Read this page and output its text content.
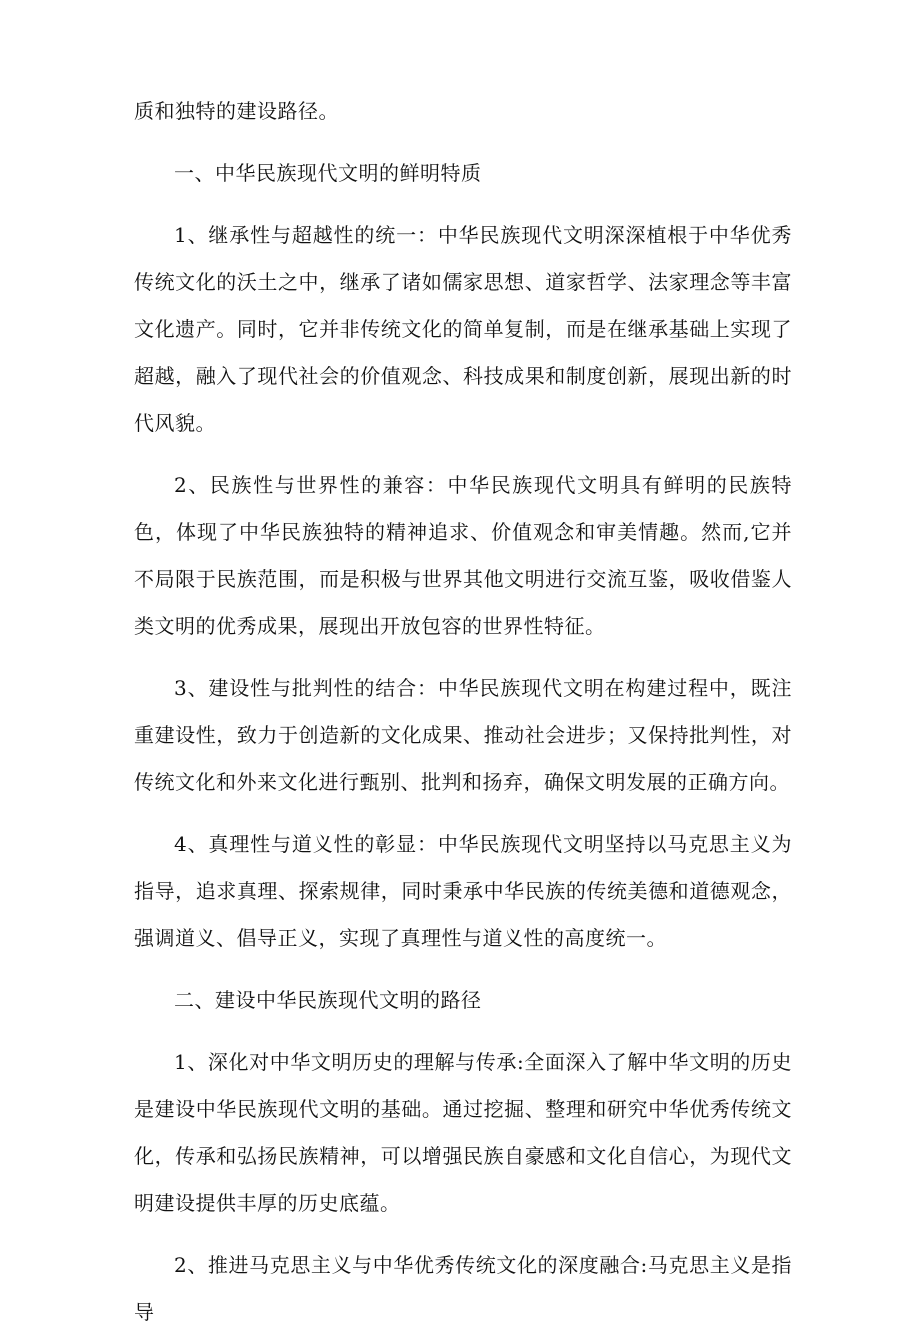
质和独特的建设路径。

一、中华民族现代文明的鲜明特质

1、继承性与超越性的统一：中华民族现代文明深深植根于中华优秀传统文化的沃土之中，继承了诸如儒家思想、道家哲学、法家理念等丰富文化遗产。同时，它并非传统文化的简单复制，而是在继承基础上实现了超越，融入了现代社会的价值观念、科技成果和制度创新，展现出新的时代风貌。

2、民族性与世界性的兼容：中华民族现代文明具有鲜明的民族特色，体现了中华民族独特的精神追求、价值观念和审美情趣。然而,它并不局限于民族范围，而是积极与世界其他文明进行交流互鉴，吸收借鉴人类文明的优秀成果，展现出开放包容的世界性特征。

3、建设性与批判性的结合：中华民族现代文明在构建过程中，既注重建设性，致力于创造新的文化成果、推动社会进步；又保持批判性，对传统文化和外来文化进行甄别、批判和扬弃，确保文明发展的正确方向。

4、真理性与道义性的彰显：中华民族现代文明坚持以马克思主义为指导，追求真理、探索规律，同时秉承中华民族的传统美德和道德观念，强调道义、倡导正义，实现了真理性与道义性的高度统一。

二、建设中华民族现代文明的路径

1、深化对中华文明历史的理解与传承:全面深入了解中华文明的历史是建设中华民族现代文明的基础。通过挖掘、整理和研究中华优秀传统文化，传承和弘扬民族精神，可以增强民族自豪感和文化自信心，为现代文明建设提供丰厚的历史底蕴。

2、推进马克思主义与中华优秀传统文化的深度融合:马克思主义是指导
